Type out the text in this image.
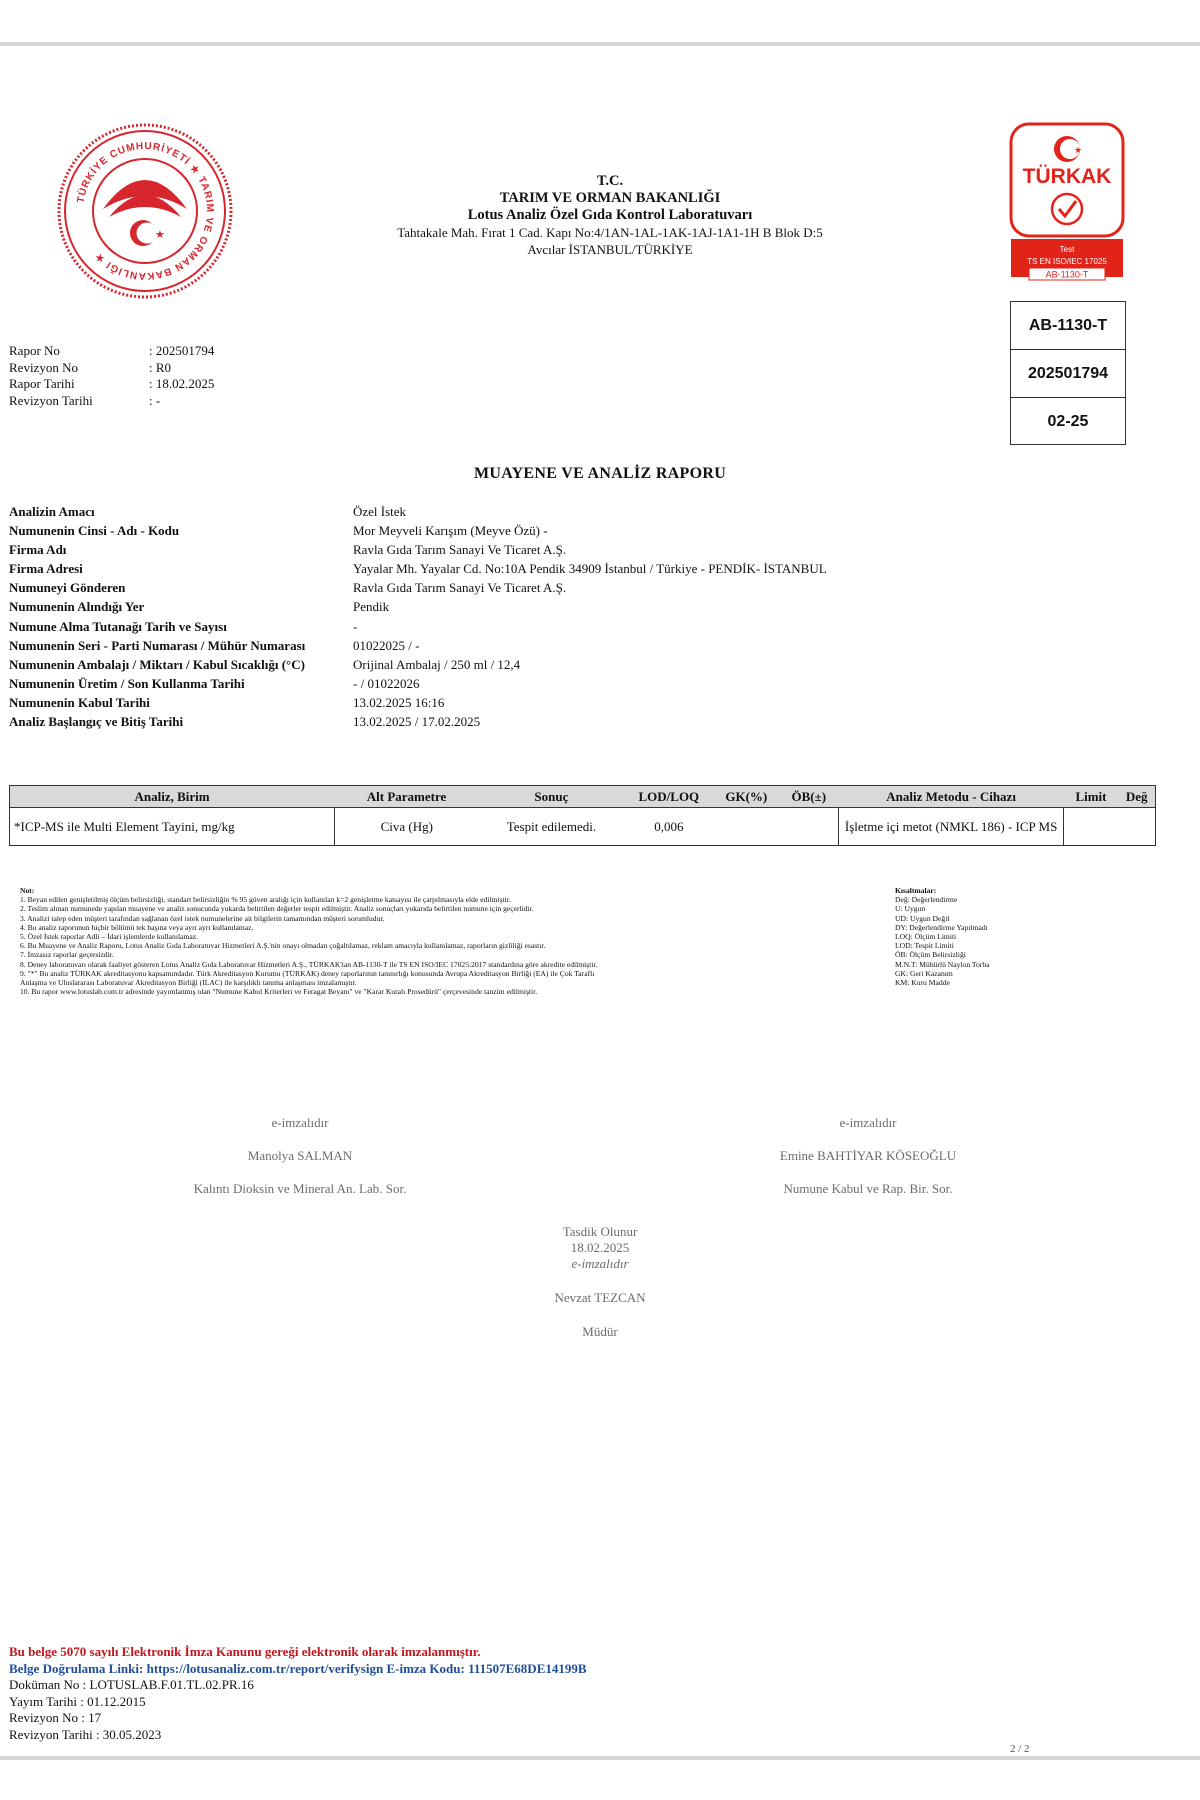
TÜRKİYE CUMHURİYETİ ★ TARIM VE ORMAN BAKANLIĞI ★
★
T.C.
TARIM VE ORMAN BAKANLIĞI
Lotus Analiz Özel Gıda Kontrol Laboratuvarı
Tahtakale Mah. Fırat 1 Cad. Kapı No:4/1AN-1AL-1AK-1AJ-1A1-1H B Blok D:5
Avcılar İSTANBUL/TÜRKİYE
★
TÜRKAK
Test
TS EN ISO/IEC 17025
AB-1130-T
AB-1130-T
202501794
02-25
Rapor No	: 202501794
Revizyon No	: R0
Rapor Tarihi	: 18.02.2025
Revizyon Tarihi	: -
MUAYENE VE ANALİZ RAPORU
Analizin Amacı	Özel İstek
Numunenin Cinsi - Adı - Kodu	Mor Meyveli Karışım (Meyve Özü) -
Firma Adı	Ravla Gıda Tarım Sanayi Ve Ticaret A.Ş.
Firma Adresi	Yayalar Mh. Yayalar Cd. No:10A Pendik 34909 İstanbul / Türkiye - PENDİK- İSTANBUL
Numuneyi Gönderen	Ravla Gıda Tarım Sanayi Ve Ticaret A.Ş.
Numunenin Alındığı Yer	Pendik
Numune Alma Tutanağı Tarih ve Sayısı	-
Numunenin Seri - Parti Numarası / Mühür Numarası	01022025 / -
Numunenin Ambalajı / Miktarı / Kabul Sıcaklığı (°C)	Orijinal Ambalaj / 250 ml / 12,4
Numunenin Üretim / Son Kullanma Tarihi	- / 01022026
Numunenin Kabul Tarihi	13.02.2025 16:16
Analiz Başlangıç ve Bitiş Tarihi	13.02.2025 / 17.02.2025
Analiz, Birim	Alt Parametre	Sonuç	LOD/LOQ	GK(%)	ÖB(±)	Analiz Metodu - Cihazı	Limit	Değ
*ICP-MS ile Multi Element Tayini, mg/kg	Civa (Hg)	Tespit edilemedi.	0,006			İşletme içi metot (NMKL 186) - ICP MS		
Not:
1. Beyan edilen genişletilmiş ölçüm belirsizliği, standart belirsizliğin % 95 güven aralığı için kullanılan k=2 genişletme katsayısı ile çarpılmasıyla elde edilmiştir.
2. Teslim alınan numunede yapılan muayene ve analiz sonucunda yukarda belirtilen değerler tespit edilmiştir. Analiz sonuçları yukarıda belirtilen numune için geçerlidir.
3. Analizi talep eden müşteri tarafından sağlanan özel istek numunelerine ait bilgilerin tamamından müşteri sorumludur.
4. Bu analiz raporunun hiçbir bölümü tek başına veya ayrı ayrı kullanılamaz.
5. Özel İstek raporlar Adli – İdari işlemlerde kullanılamaz.
6. Bu Muayene ve Analiz Raporu, Lotus Analiz Gıda Laboratuvar Hizmetleri A.Ş.'nin onayı olmadan çoğaltılamaz, reklam amacıyla kullanılamaz, raporların gizliliği esastır.
7. İmzasız raporlar geçersizdir.
8. Deney laboratuvarı olarak faaliyet gösteren Lotus Analiz Gıda Laboratuvar Hizmetleri A.Ş., TÜRKAK'tan AB-1130-T ile TS EN ISO/IEC 17025:2017 standardına göre akredite edilmiştir.
9. "*" Bu analiz TÜRKAK akreditasyonu kapsamındadır. Türk Akreditasyon Kurumu (TÜRKAK) deney raporlarının tanınırlığı konusunda Avrupa Akreditasyon Birliği (EA) ile Çok Taraflı
Anlaşma ve Uluslararası Laboratuvar Akreditasyon Birliği (ILAC) ile karşılıklı tanıma anlaşması imzalamıştır.
10. Bu rapor www.lotuslab.com.tr adresinde yayımlanmış olan "Numune Kabul Kriterleri ve Feragat Beyanı" ve "Karar Kuralı Prosedürü" çerçevesinde tanzim edilmiştir.
Kısaltmalar:
Değ: Değerlendirme
U: Uygun
UD: Uygun Değil
DY: Değerlendirme Yapılmadı
LOQ: Ölçüm Limiti
LOD: Tespit Limiti
ÖB: Ölçüm Belirsizliği
M.N.T: Mühürlü Naylon Torba
GK: Geri Kazanım
KM: Kuru Madde
e-imzalıdır
Manolya SALMAN
Kalıntı Dioksin ve Mineral An. Lab. Sor.
e-imzalıdır
Emine BAHTİYAR KÖSEOĞLU
Numune Kabul ve Rap. Bir. Sor.
Tasdik Olunur
18.02.2025
e-imzalıdır
Nevzat TEZCAN
Müdür
Bu belge 5070 sayılı Elektronik İmza Kanunu gereği elektronik olarak imzalanmıştır.
Belge Doğrulama Linki: https://lotusanaliz.com.tr/report/verifysign E-imza Kodu: 111507E68DE14199B
Doküman No : LOTUSLAB.F.01.TL.02.PR.16
Yayım Tarihi : 01.12.2015
Revizyon No : 17
Revizyon Tarihi : 30.05.2023
2 / 2
